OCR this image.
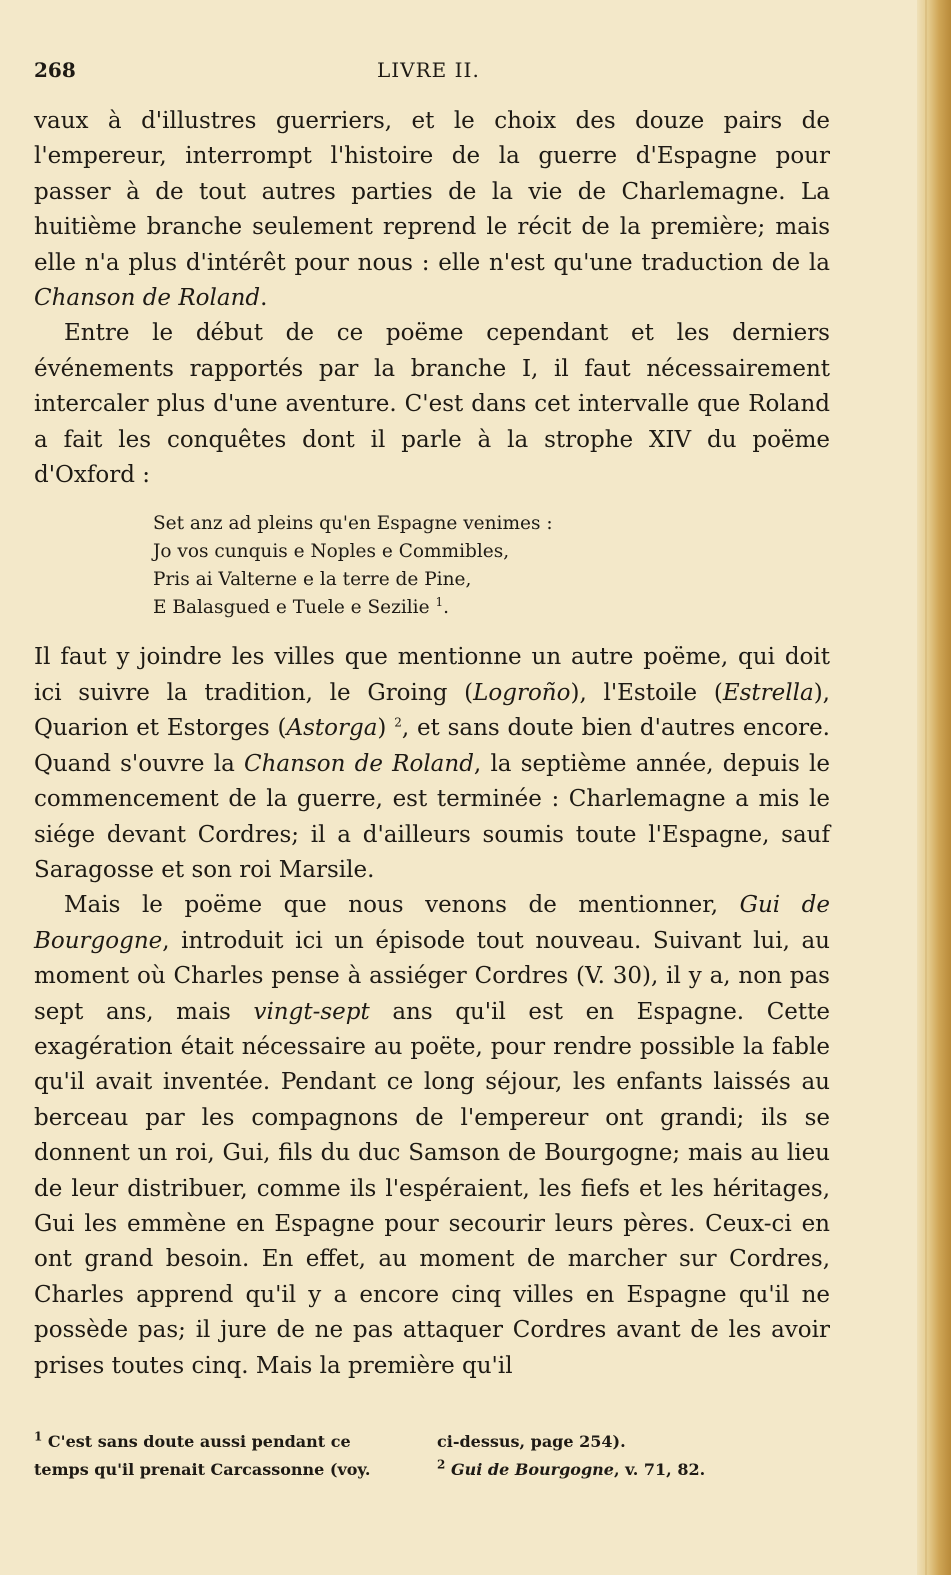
268	LIVRE II.

vaux à d'illustres guerriers, et le choix des douze pairs de l'empereur, interrompt l'histoire de la guerre d'Espagne pour passer à de tout autres parties de la vie de Charlemagne. La huitième branche seulement reprend le récit de la première; mais elle n'a plus d'intérêt pour nous : elle n'est qu'une traduction de la Chanson de Roland.

Entre le début de ce poëme cependant et les derniers événements rapportés par la branche I, il faut nécessairement intercaler plus d'une aventure. C'est dans cet intervalle que Roland a fait les conquêtes dont il parle à la strophe XIV du poëme d'Oxford :

Set anz ad pleins qu'en Espagne venimes :
Jo vos cunquis e Noples e Commibles,
Pris ai Valterne e la terre de Pine,
E Balasgued e Tuele e Sezilie $^1$.

Il faut y joindre les villes que mentionne un autre poëme, qui doit ici suivre la tradition, le Groing (Logroño), l'Estoile (Estrella), Quarion et Estorges (Astorga) $^2$, et sans doute bien d'autres encore. Quand s'ouvre la Chanson de Roland, la septième année, depuis le commencement de la guerre, est terminée : Charlemagne a mis le siége devant Cordres; il a d'ailleurs soumis toute l'Espagne, sauf Saragosse et son roi Marsile.

Mais le poëme que nous venons de mentionner, Gui de Bourgogne, introduit ici un épisode tout nouveau. Suivant lui, au moment où Charles pense à assiéger Cordres (V. 30), il y a, non pas sept ans, mais vingt-sept ans qu'il est en Espagne. Cette exagération était nécessaire au poëte, pour rendre possible la fable qu'il avait inventée. Pendant ce long séjour, les enfants laissés au berceau par les compagnons de l'empereur ont grandi; ils se donnent un roi, Gui, fils du duc Samson de Bourgogne; mais au lieu de leur distribuer, comme ils l'espéraient, les fiefs et les héritages, Gui les emmène en Espagne pour secourir leurs pères. Ceux-ci en ont grand besoin. En effet, au moment de marcher sur Cordres, Charles apprend qu'il y a encore cinq villes en Espagne qu'il ne possède pas; il jure de ne pas attaquer Cordres avant de les avoir prises toutes cinq. Mais la première qu'il

$^1$ C'est sans doute aussi pendant ce	ci-dessus, page 254).
temps qu'il prenait Carcassonne (voy.	$^2$ Gui de Bourgogne, v. 71, 82.
